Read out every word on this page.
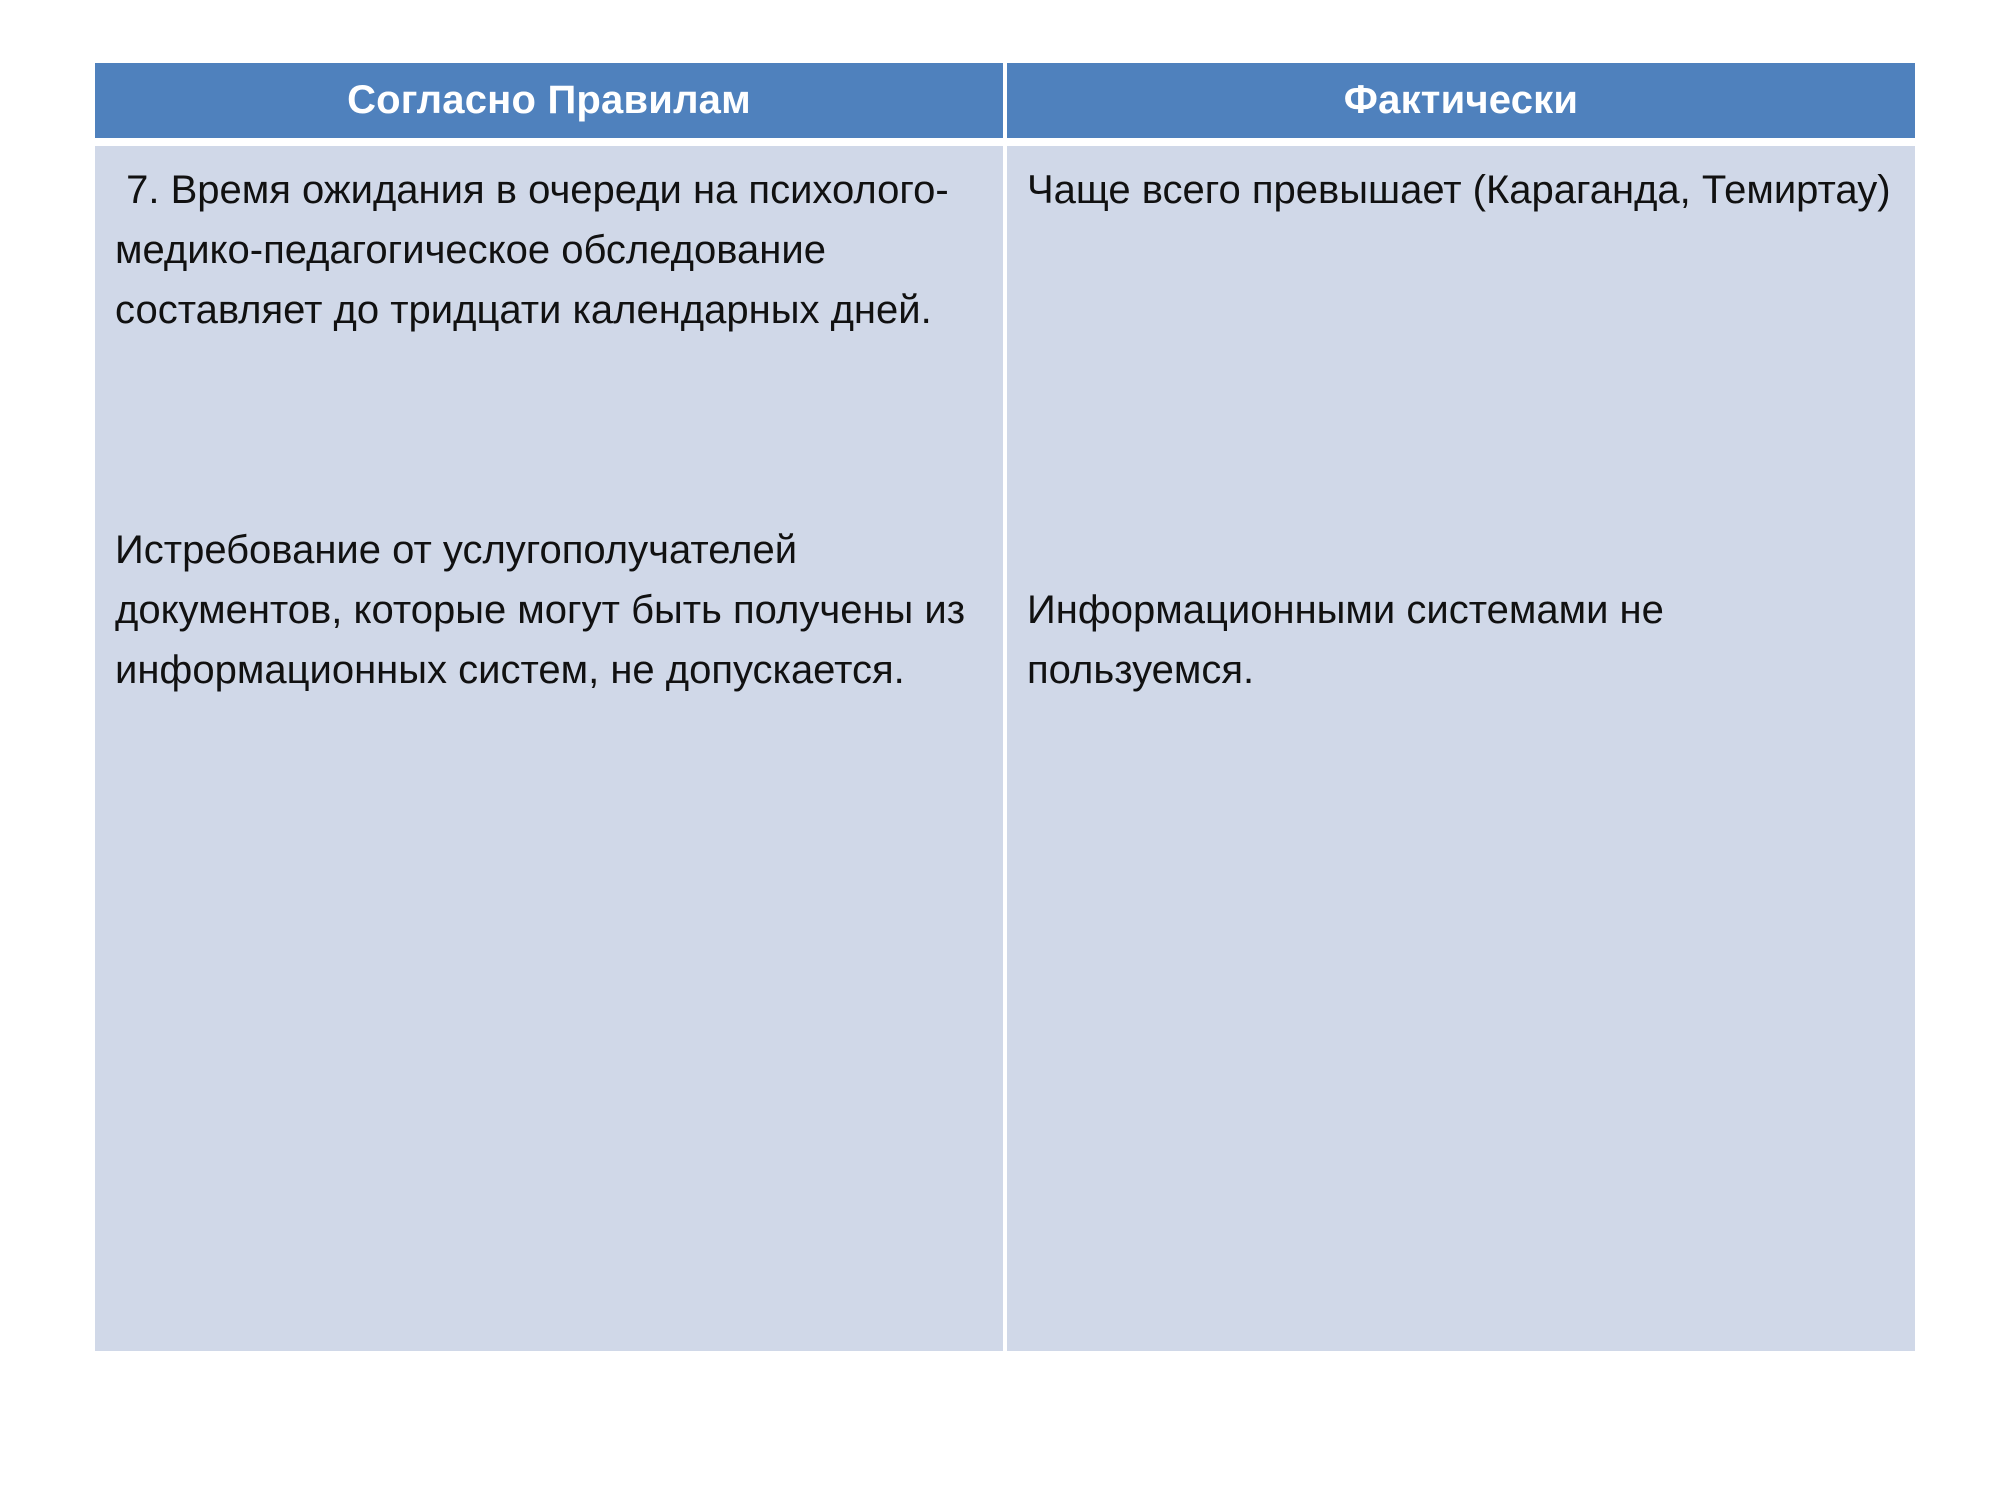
Согласно Правилам	Фактически

7. Время ожидания в очереди на психолого-медико-педагогическое обследование составляет до тридцати календарных дней.

Истребование от услугополучателей документов, которые могут быть получены из информационных систем, не допускается.

Чаще всего превышает (Караганда, Темиртау)

Информационными системами не пользуемся.
